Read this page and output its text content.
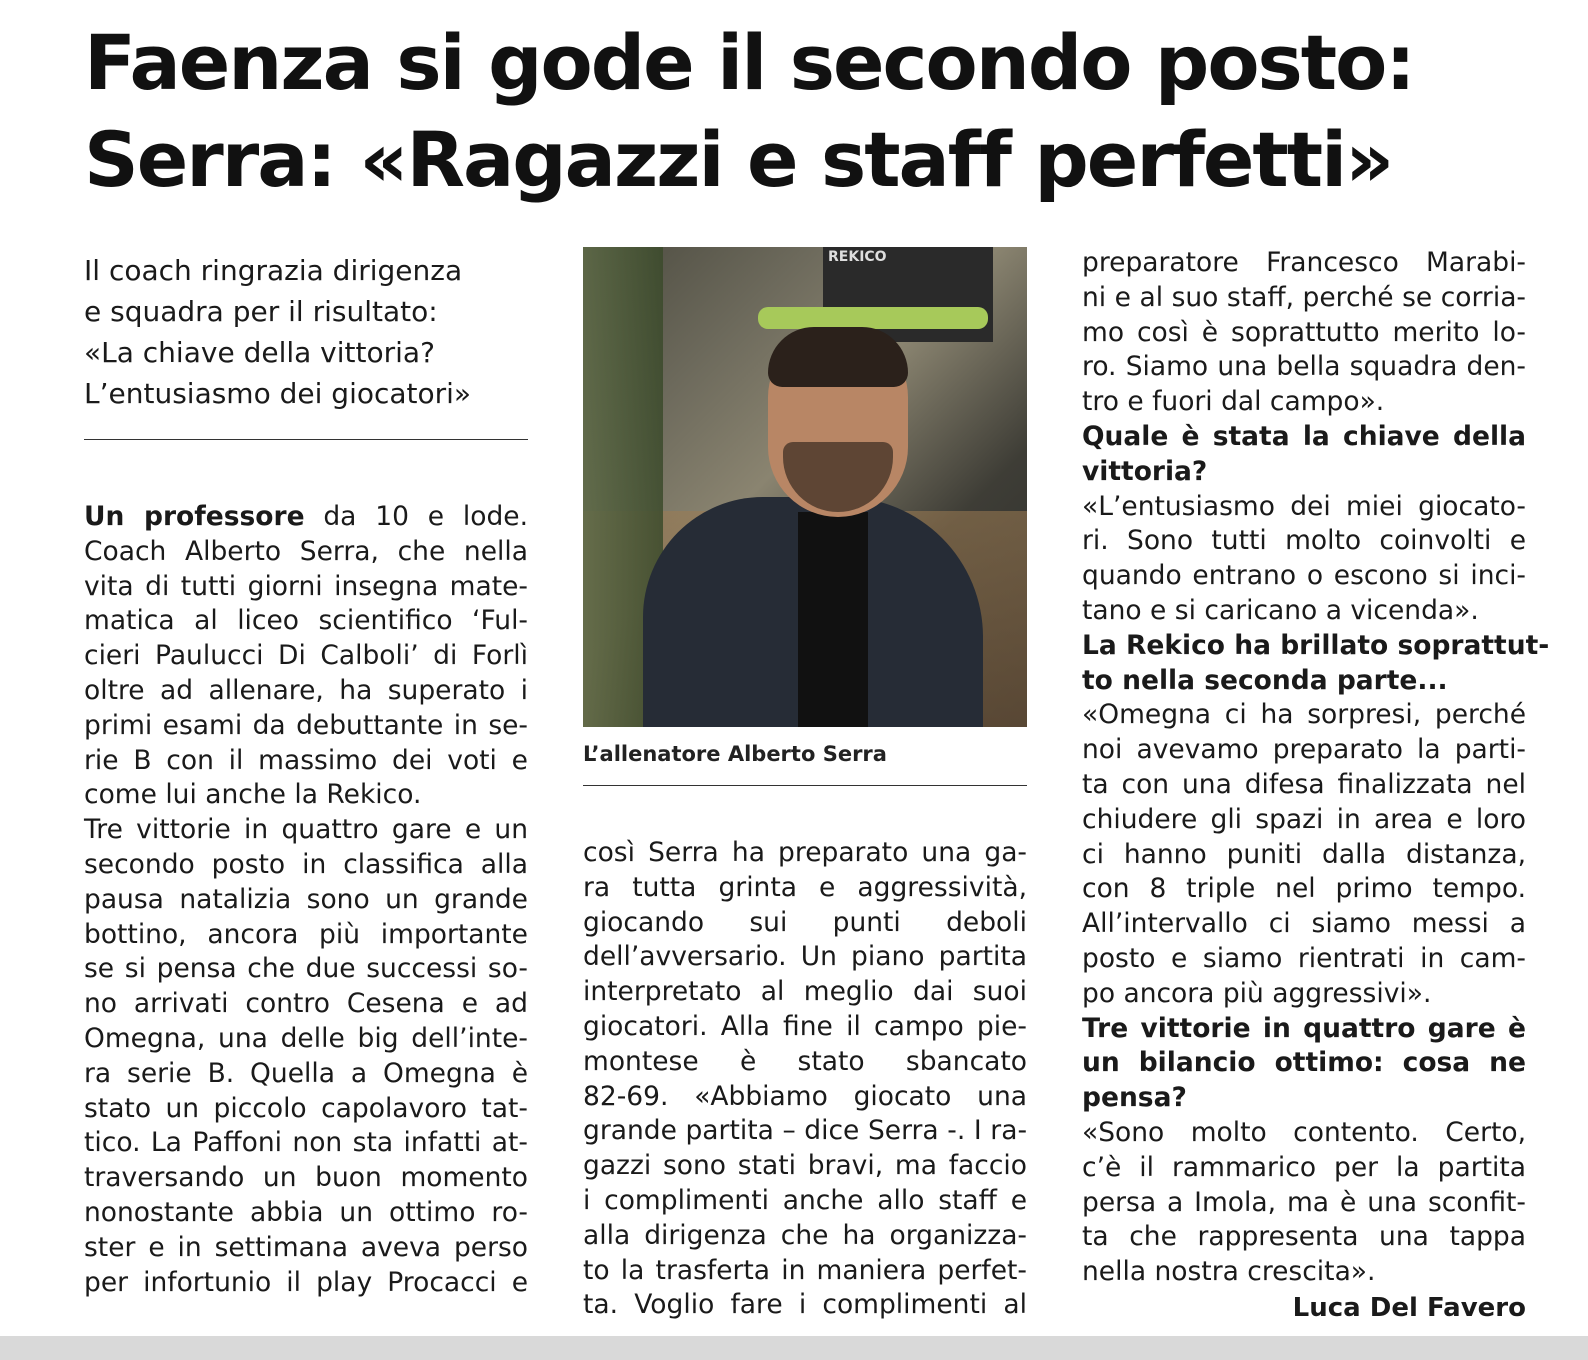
Faenza si gode il secondo posto:
Serra: «Ragazzi e staff perfetti»
Il coach ringrazia dirigenza
e squadra per il risultato:
«La chiave della vittoria?
L’entusiasmo dei giocatori»
Un professore da 10 e lode.
Coach Alberto Serra, che nella
vita di tutti giorni insegna mate-
matica al liceo scientifico ‘Ful-
cieri Paulucci Di Calboli’ di Forlì
oltre ad allenare, ha superato i
primi esami da debuttante in se-
rie B con il massimo dei voti e
come lui anche la Rekico.
Tre vittorie in quattro gare e un
secondo posto in classifica alla
pausa natalizia sono un grande
bottino, ancora più importante
se si pensa che due successi so-
no arrivati contro Cesena e ad
Omegna, una delle big dell’inte-
ra serie B. Quella a Omegna è
stato un piccolo capolavoro tat-
tico. La Paffoni non sta infatti at-
traversando un buon momento
nonostante abbia un ottimo ro-
ster e in settimana aveva perso
per infortunio il play Procacci e
REKICO
L’allenatore Alberto Serra
così Serra ha preparato una ga-
ra tutta grinta e aggressività,
giocando sui punti deboli
dell’avversario. Un piano partita
interpretato al meglio dai suoi
giocatori. Alla fine il campo pie-
montese è stato sbancato
82-69. «Abbiamo giocato una
grande partita – dice Serra -. I ra-
gazzi sono stati bravi, ma faccio
i complimenti anche allo staff e
alla dirigenza che ha organizza-
to la trasferta in maniera perfet-
ta. Voglio fare i complimenti al
preparatore Francesco Marabi-
ni e al suo staff, perché se corria-
mo così è soprattutto merito lo-
ro. Siamo una bella squadra den-
tro e fuori dal campo».
Quale è stata la chiave della
vittoria?
«L’entusiasmo dei miei giocato-
ri. Sono tutti molto coinvolti e
quando entrano o escono si inci-
tano e si caricano a vicenda».
La Rekico ha brillato soprattut-
to nella seconda parte...
«Omegna ci ha sorpresi, perché
noi avevamo preparato la parti-
ta con una difesa finalizzata nel
chiudere gli spazi in area e loro
ci hanno puniti dalla distanza,
con 8 triple nel primo tempo.
All’intervallo ci siamo messi a
posto e siamo rientrati in cam-
po ancora più aggressivi».
Tre vittorie in quattro gare è
un bilancio ottimo: cosa ne
pensa?
«Sono molto contento. Certo,
c’è il rammarico per la partita
persa a Imola, ma è una sconfit-
ta che rappresenta una tappa
nella nostra crescita».
Luca Del Favero
